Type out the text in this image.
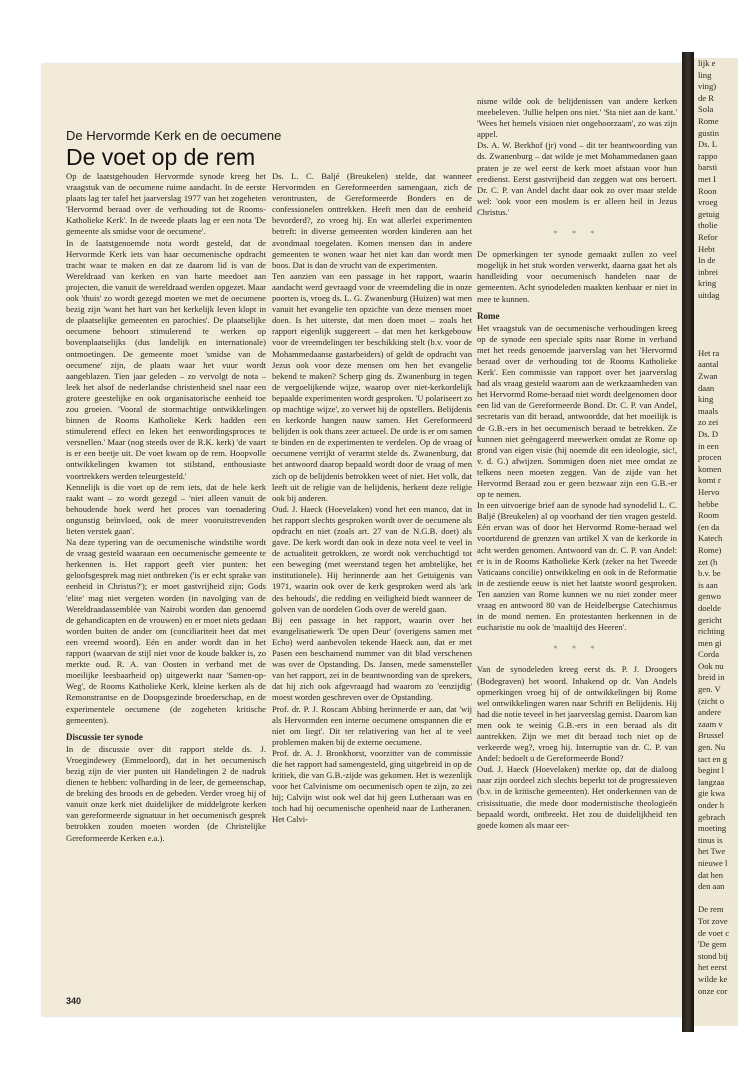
lijk e
ling
ving)
de R
Sola
Rome
gustin
Ds. L
rappo
barsti
met I
Roon
vroeg
getuig
tholie
Refor
Hebt
In de
inbrei
kring
uitdag

Het ra
aantal
Zwan
daan
king
maals
zo zei
Ds. D
in een
procen
komen
komt r
Hervo
hebbe
Room
(en da
Katech
Rome)
zet (h
b.v. be
is aan
genwo
doelde
gericht
richting
men gi
Corda
Ook nu
breid in
gen. V
(zicht o
andere
zaam v
Brussel
gen. Nu
tact en g
begint l
langzaa
gie kwa
onder h
gebrach
moeting
tinus is
het Twe
nieuwe l
dat hen
den aan

De rem
Tot zove
de voet c
'De gem
stond bij
het eerst
wilde ke
onze cor
De Hervormde Kerk en de oecumene
De voet op de rem

Op de laatstgehouden Hervormde synode kreeg het vraagstuk van de oecumene ruime aandacht. In de eerste plaats lag ter tafel het jaarverslag 1977 van het zogeheten 'Hervormd beraad over de verhouding tot de Rooms-Katholieke Kerk'. In de tweede plaats lag er een nota 'De gemeente als smidse voor de oecumene'.

In de laatstgenoemde nota wordt gesteld, dat de Hervormde Kerk iets van haar oecumenische opdracht tracht waar te maken en dat ze daarom lid is van de Wereldraad van kerken en van harte meedoet aan projecten, die vanuit de wereldraad werden opgezet. Maar ook 'thuis' zo wordt gezegd moeten we met de oecumene bezig zijn 'want het hart van het kerkelijk leven klopt in de plaatselijke gemeenten en parochies'. De plaatselijke oecumene behoort stimulerend te werken op bovenplaatselijks (dus landelijk en internationale) ontmoetingen. De gemeente moet 'smidse van de oecumene' zijn, de plaats waar het vuur wordt aangeblazen. Tien jaar geleden – zo vervolgt de nota – leek het alsof de nederlandse christenheid snel naar een grotere geestelijke en ook organisatorische eenheid toe zou groeien. 'Vooral de stormachtige ontwikkelingen binnen de Rooms Katholieke Kerk hadden een stimulerend effect en leken het eenwordingsproces te versnellen.' Maar (nog steeds over de R.K. kerk) 'de vaart is er een beetje uit. De voet kwam op de rem. Hoopvolle ontwikkelingen kwamen tot stilstand, enthousiaste voortrekkers werden teleurgesteld.'

Kennelijk is die voet op de rem iets, dat de hele kerk raakt want – zo wordt gezegd – 'niet alleen vanuit de behoudende hoek werd het proces van toenadering ongunstig beïnvloed, ook de meer vooruitstrevenden lieten verstek gaan'.

Na deze typering van de oecumenische windstilte wordt de vraag gesteld waaraan een oecumenische gemeente te herkennen is. Het rapport geeft vier punten: het geloofsgesprek mag niet ontbreken ('is er echt sprake van eenheid in Christus?'); er moet gastvrijheid zijn; Gods 'elite' mag niet vergeten worden (in navolging van de Wereldraadassemblée van Nairobi worden dan genoemd de gehandicapten en de vrouwen) en er moet niets gedaan worden buiten de ander om (conciliariteit heet dat met een vreemd woord). Eén en ander wordt dan in het rapport (waarvan de stijl niet voor de koude bakker is, zo merkte oud. R. A. van Oosten in verband met de moeilijke leesbaarheid op) uitgewerkt naar 'Samen-op-Weg', de Rooms Katholieke Kerk, kleine kerken als de Remonstrantse en de Doopsgezinde broederschap, en de experimentele oecumene (de zogeheten kritische gemeenten).

Discussie ter synode

In de discussie over dit rapport stelde ds. J. Vroegindewey (Emmeloord), dat in het oecumenisch bezig zijn de vier punten uit Handelingen 2 de nadruk dienen te hebben: volharding in de leer, de gemeenschap, de breking des broods en de gebeden. Verder vroeg hij of vanuit onze kerk niet duidelijker de middelgrote kerken van gereformeerde signatuur in het oecumenisch gesprek betrokken zouden moeten worden (de Christelijke Gereformeerde Kerken e.a.).

Ds. L. C. Baljé (Breukelen) stelde, dat wanneer Hervormden en Gereformeerden samengaan, zich de verontrusten, de Gereformeerde Bonders en de confessionelen onttrekken. Heeft men dan de eenheid bevorderd?, zo vroeg hij. En wat allerlei experimenten betreft: in diverse gemeenten worden kinderen aan het avondmaal toegelaten. Komen mensen dan in andere gemeenten te wonen waar het niet kan dan wordt men boos. Dat is dan de vrucht van de experimenten.

Ten aanzien van een passage in het rapport, waarin aandacht werd gevraagd voor de vreemdeling die in onze poorten is, vroeg ds. L. G. Zwanenburg (Huizen) wat men vanuit het evangelie ten opzichte van deze mensen moet doen. Is het uiterste, dat men doen moet – zoals het rapport eigenlijk suggereert – dat men het kerkgebouw voor de vreemdelingen ter beschikking stelt (b.v. voor de Mohammedaanse gastarbeiders) of geldt de opdracht van Jezus ook voor deze mensen om hen het evangelie bekend te maken? Scherp ging ds. Zwanenburg in tegen de vergoelijkende wijze, waarop over niet-kerkordelijk bepaalde experimenten wordt gesproken. 'U polariseert zo op machtige wijze', zo verwet hij de opstellers. Belijdenis en kerkorde hangen nauw samen. Het Gereformeerd belijden is ook thans zeer actueel. De orde is er om samen te binden en de experimenten te verdelen. Op de vraag of oecumene verrijkt of verarmt stelde ds. Zwanenburg, dat het antwoord daarop bepaald wordt door de vraag of men zich op de belijdenis betrokken weet of niet. Het volk, dat leeft uit de religie van de belijdenis, herkent deze religie ook bij anderen.

Oud. J. Haeck (Hoevelaken) vond het een manco, dat in het rapport slechts gesproken wordt over de oecumene als opdracht en niet (zoals art. 27 van de N.G.B. doet) als gave. De kerk wordt dan ook in deze nota veel te veel in de actualiteit getrokken, ze wordt ook verchuchtigd tot een beweging (met weerstand tegen het ambtelijke, het institutionele). Hij herinnerde aan het Getuigenis van 1971, waarin ook over de kerk gesproken werd als 'ark des behouds', die redding en veiligheid biedt wanneer de golven van de oordelen Gods over de wereld gaan.

Bij een passage in het rapport, waarin over het evangelisatiewerk 'De open Deur' (overigens samen met Echo) werd aanbevolen tekende Haeck aan, dat er met Pasen een beschamend nummer van dit blad verschenen was over de Opstanding. Ds. Jansen, mede samensteller van het rapport, zei in de beantwoording van de sprekers, dat hij zich ook afgevraagd had waarom zo 'eenzijdig' moest worden geschreven over de Opstanding.

Prof. dr. P. J. Roscam Abbing herinnerde er aan, dat 'wij als Hervormden een interne oecumene omspannen die er niet om liegt'. Dit ter relativering van het al te veel problemen maken bij de externe oecumene.

Prof. dr. A. J. Bronkhorst, voorzitter van de commissie die het rapport had samengesteld, ging uitgebreid in op de kritiek, die van G.B.-zijde was gekomen. Het is wezenlijk voor het Calvinisme om oecumenisch open te zijn, zo zei hij; Calvijn wist ook wel dat hij geen Lutheraan was en toch had hij oecumenische openheid naar de Lutheranen. Het Calvi-

nisme wilde ook de belijdenissen van andere kerken meebeleven. 'Jullie helpen ons niet.' 'Sta niet aan de kant.' 'Wees het hemels visioen niet ongehoorzaam', zo was zijn appel.

Ds. A. W. Berkhof (jr) vond – dit ter beantwoording van ds. Zwanenburg – dat wilde je met Mohammedanen gaan praten je ze wel eerst de kerk moet afstaan voor hun eredienst. Eerst gastvrijheid dan zeggen wat ons beroert. Dr. C. P. van Andel dacht daar ook zo over maar stelde wel: 'ook voor een moslem is er alleen heil in Jezus Christus.'

* * *

De opmerkingen ter synode gemaakt zullen zo veel mogelijk in het stuk worden verwerkt, daarna gaat het als handleiding voor oecumenisch handelen naar de gemeenten. Acht synodeleden maakten kenbaar er niet in mee te kunnen.

Rome

Het vraagstuk van de oecumenische verhoudingen kreeg op de synode een speciale spits naar Rome in verband met het reeds genoemde jaarverslag van het 'Hervormd beraad over de verhouding tot de Rooms Katholieke Kerk'. Een commissie van rapport over het jaarverslag had als vraag gesteld waarom aan de werkzaamheden van het Hervormd Rome-beraad niet wordt deelgenomen door een lid van de Gereformeerde Bond. Dr. C. P. van Andel, secretaris van dit beraad, antwoordde, dat het moeilijk is de G.B.-ers in het oecumenisch beraad te betrekken. Ze kunnen niet geëngageerd meewerken omdat ze Rome op grond van eigen visie (hij noemde dit een ideologie, sic!, v. d. G.) afwijzen. Sommigen doen niet mee omdat ze telkens neen moeten zeggen. Van de zijde van het Hervormd Beraad zou er geen bezwaar zijn een G.B.-er op te nemen.

In een uitvoerige brief aan de synode had synodelid L. C. Baljé (Breukelen) al op voorhand der tien vragen gesteld. Eén ervan was of door het Hervormd Rome-beraad wel voortdurend de grenzen van artikel X van de kerkorde in acht werden genomen. Antwoord van dr. C. P. van Andel: er is in de Rooms Katholieke Kerk (zeker na het Tweede Vaticaans concilie) ontwikkeling en ook in de Reformatie in de zestiende eeuw is niet het laatste woord gesproken. Ten aanzien van Rome kunnen we nu niet zonder meer vraag en antwoord 80 van de Heidelbergse Catechismus in de mond nemen. En protestanten herkennen in de eucharistie nu ook de 'maaltijd des Heeren'.

* * *

Van de synodeleden kreeg eerst ds. P. J. Droogers (Bodegraven) het woord. Inhakend op dr. Van Andels opmerkingen vroeg hij of de ontwikkelingen bij Rome wel ontwikkelingen waren naar Schrift en Belijdenis. Hij had die notie teveel in het jaarverslag gemist. Daarom kan men ook te weinig G.B.-ers in een beraad als dit aantrekken. Zijn we met dit beraad toch niet op de verkeerde weg?, vroeg hij. Interruptie van dr. C. P. van Andel: bedoelt u de Gereformeerde Bond?

Oud. J. Haeck (Hoevelaken) merkte op, dat de dialoog naar zijn oordeel zich slechts beperkt tot de progressieven (b.v. in de kritische gemeenten). Het onderkennen van de crisissituatie, die mede door modernistische theologieën bepaald wordt, ontbreekt. Het zou de duidelijkheid ten goede komen als maar eer-

340
